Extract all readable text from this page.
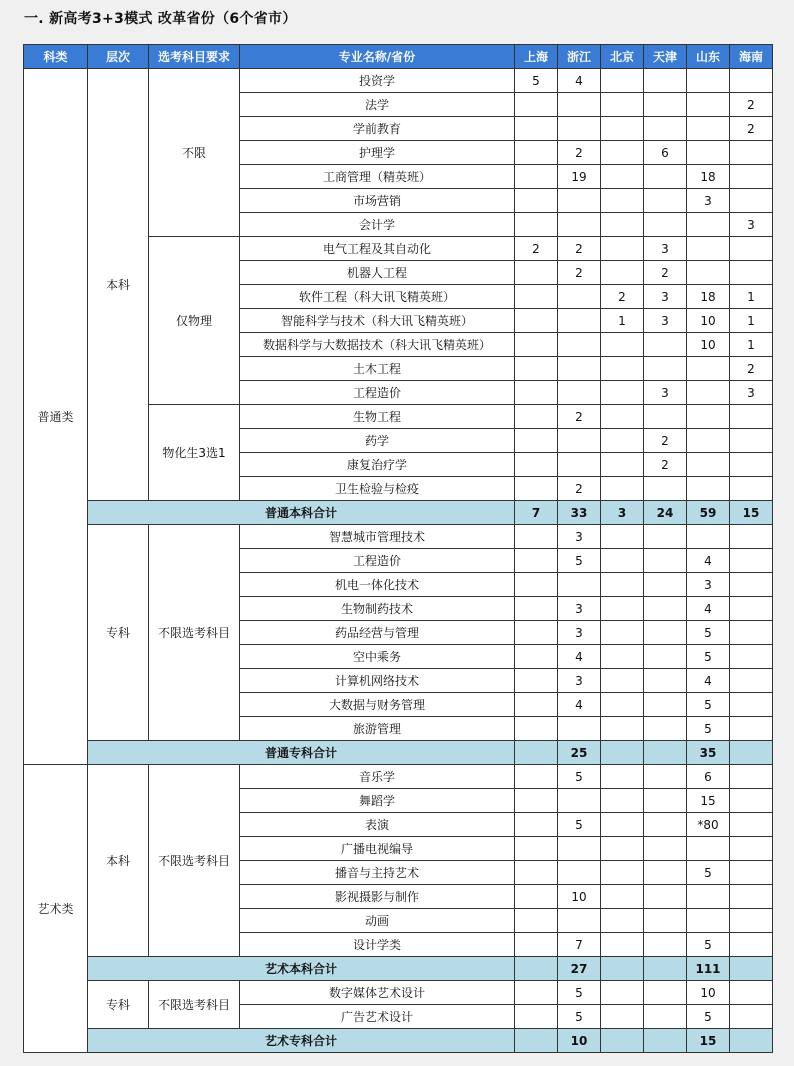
一. 新高考3+3模式 改革省份（6个省市）
科类	层次	选考科目要求	专业名称/省份	上海	浙江	北京	天津	山东	海南
普通类	本科	不限	投资学	5	4				
			法学						2
			学前教育						2
			护理学		2		6		
			工商管理（精英班）		19			18	
			市场营销					3	
			会计学						3
		仅物理	电气工程及其自动化	2	2		3		
			机器人工程		2		2		
			软件工程（科大讯飞精英班）			2	3	18	1
			智能科学与技术（科大讯飞精英班）			1	3	10	1
			数据科学与大数据技术（科大讯飞精英班）					10	1
			土木工程						2
			工程造价				3		3
		物化生3选1	生物工程		2				
			药学				2		
			康复治疗学				2		
			卫生检验与检疫		2				
	普通本科合计			7	33	3	24	59	15
	专科	不限选考科目	智慧城市管理技术		3				
			工程造价		5			4	
			机电一体化技术					3	
			生物制药技术		3			4	
			药品经营与管理		3			5	
			空中乘务		4			5	
			计算机网络技术		3			4	
			大数据与财务管理		4			5	
			旅游管理					5	
	普通专科合计				25			35	
艺术类	本科	不限选考科目	音乐学		5			6	
			舞蹈学					15	
			表演		5			*80	
			广播电视编导						
			播音与主持艺术					5	
			影视摄影与制作		10				
			动画						
			设计学类		7			5	
	艺术本科合计				27			111	
	专科	不限选考科目	数字媒体艺术设计		5			10	
			广告艺术设计		5			5	
	艺术专科合计				10			15	
